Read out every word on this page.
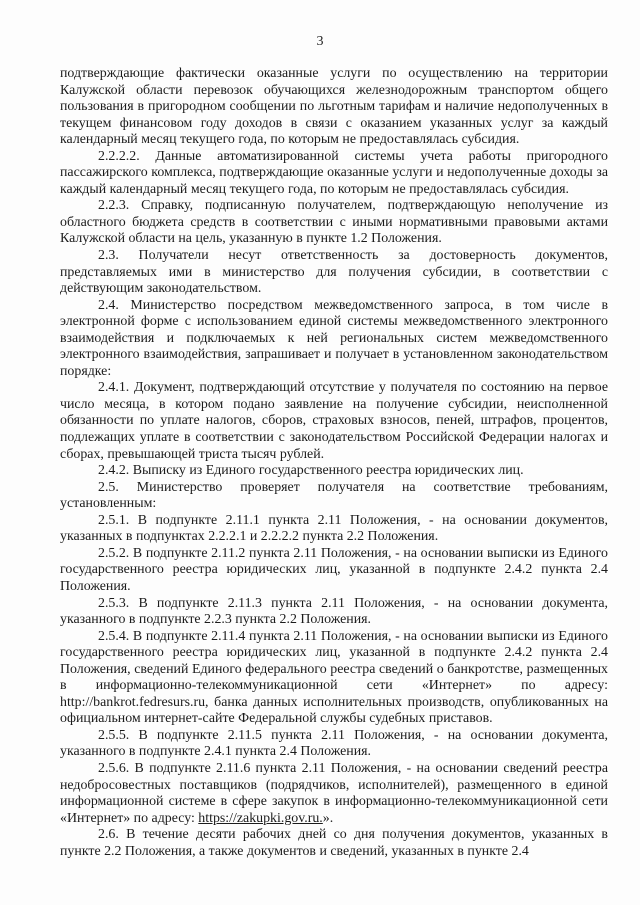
3

подтверждающие фактически оказанные услуги по осуществлению на территории Калужской области перевозок обучающихся железнодорожным транспортом общего пользования в пригородном сообщении по льготным тарифам и наличие недополученных в текущем финансовом году доходов в связи с оказанием указанных услуг за каждый календарный месяц текущего года, по которым не предоставлялась субсидия.

2.2.2.2. Данные автоматизированной системы учета работы пригородного пассажирского комплекса, подтверждающие оказанные услуги и недополученные доходы за каждый календарный месяц текущего года, по которым не предоставлялась субсидия.

2.2.3. Справку, подписанную получателем, подтверждающую неполучение из областного бюджета средств в соответствии с иными нормативными правовыми актами Калужской области на цель, указанную в пункте 1.2 Положения.

2.3. Получатели несут ответственность за достоверность документов, представляемых ими в министерство для получения субсидии, в соответствии с действующим законодательством.

2.4. Министерство посредством межведомственного запроса, в том числе в электронной форме с использованием единой системы межведомственного электронного взаимодействия и подключаемых к ней региональных систем межведомственного электронного взаимодействия, запрашивает и получает в установленном законодательством порядке:

2.4.1. Документ, подтверждающий отсутствие у получателя по состоянию на первое число месяца, в котором подано заявление на получение субсидии, неисполненной обязанности по уплате налогов, сборов, страховых взносов, пеней, штрафов, процентов, подлежащих уплате в соответствии с законодательством Российской Федерации налогах и сборах, превышающей триста тысяч рублей.

2.4.2. Выписку из Единого государственного реестра юридических лиц.

2.5. Министерство проверяет получателя на соответствие требованиям, установленным:

2.5.1. В подпункте 2.11.1 пункта 2.11 Положения, - на основании документов, указанных в подпунктах 2.2.2.1 и 2.2.2.2 пункта 2.2 Положения.

2.5.2. В подпункте 2.11.2 пункта 2.11 Положения, - на основании выписки из Единого государственного реестра юридических лиц, указанной в подпункте 2.4.2 пункта 2.4 Положения.

2.5.3. В подпункте 2.11.3 пункта 2.11 Положения, - на основании документа, указанного в подпункте 2.2.3 пункта 2.2 Положения.

2.5.4. В подпункте 2.11.4 пункта 2.11 Положения, - на основании выписки из Единого государственного реестра юридических лиц, указанной в подпункте 2.4.2 пункта 2.4 Положения, сведений Единого федерального реестра сведений о банкротстве, размещенных в информационно-телекоммуникационной сети «Интернет» по адресу: http://bankrot.fedresurs.ru, банка данных исполнительных производств, опубликованных на официальном интернет-сайте Федеральной службы судебных приставов.

2.5.5. В подпункте 2.11.5 пункта 2.11 Положения, - на основании документа, указанного в подпункте 2.4.1 пункта 2.4 Положения.

2.5.6. В подпункте 2.11.6 пункта 2.11 Положения, - на основании сведений реестра недобросовестных поставщиков (подрядчиков, исполнителей), размещенного в единой информационной системе в сфере закупок в информационно-телекоммуникационной сети «Интернет» по адресу: https://zakupki.gov.ru.».

2.6. В течение десяти рабочих дней со дня получения документов, указанных в пункте 2.2 Положения, а также документов и сведений, указанных в пункте 2.4
